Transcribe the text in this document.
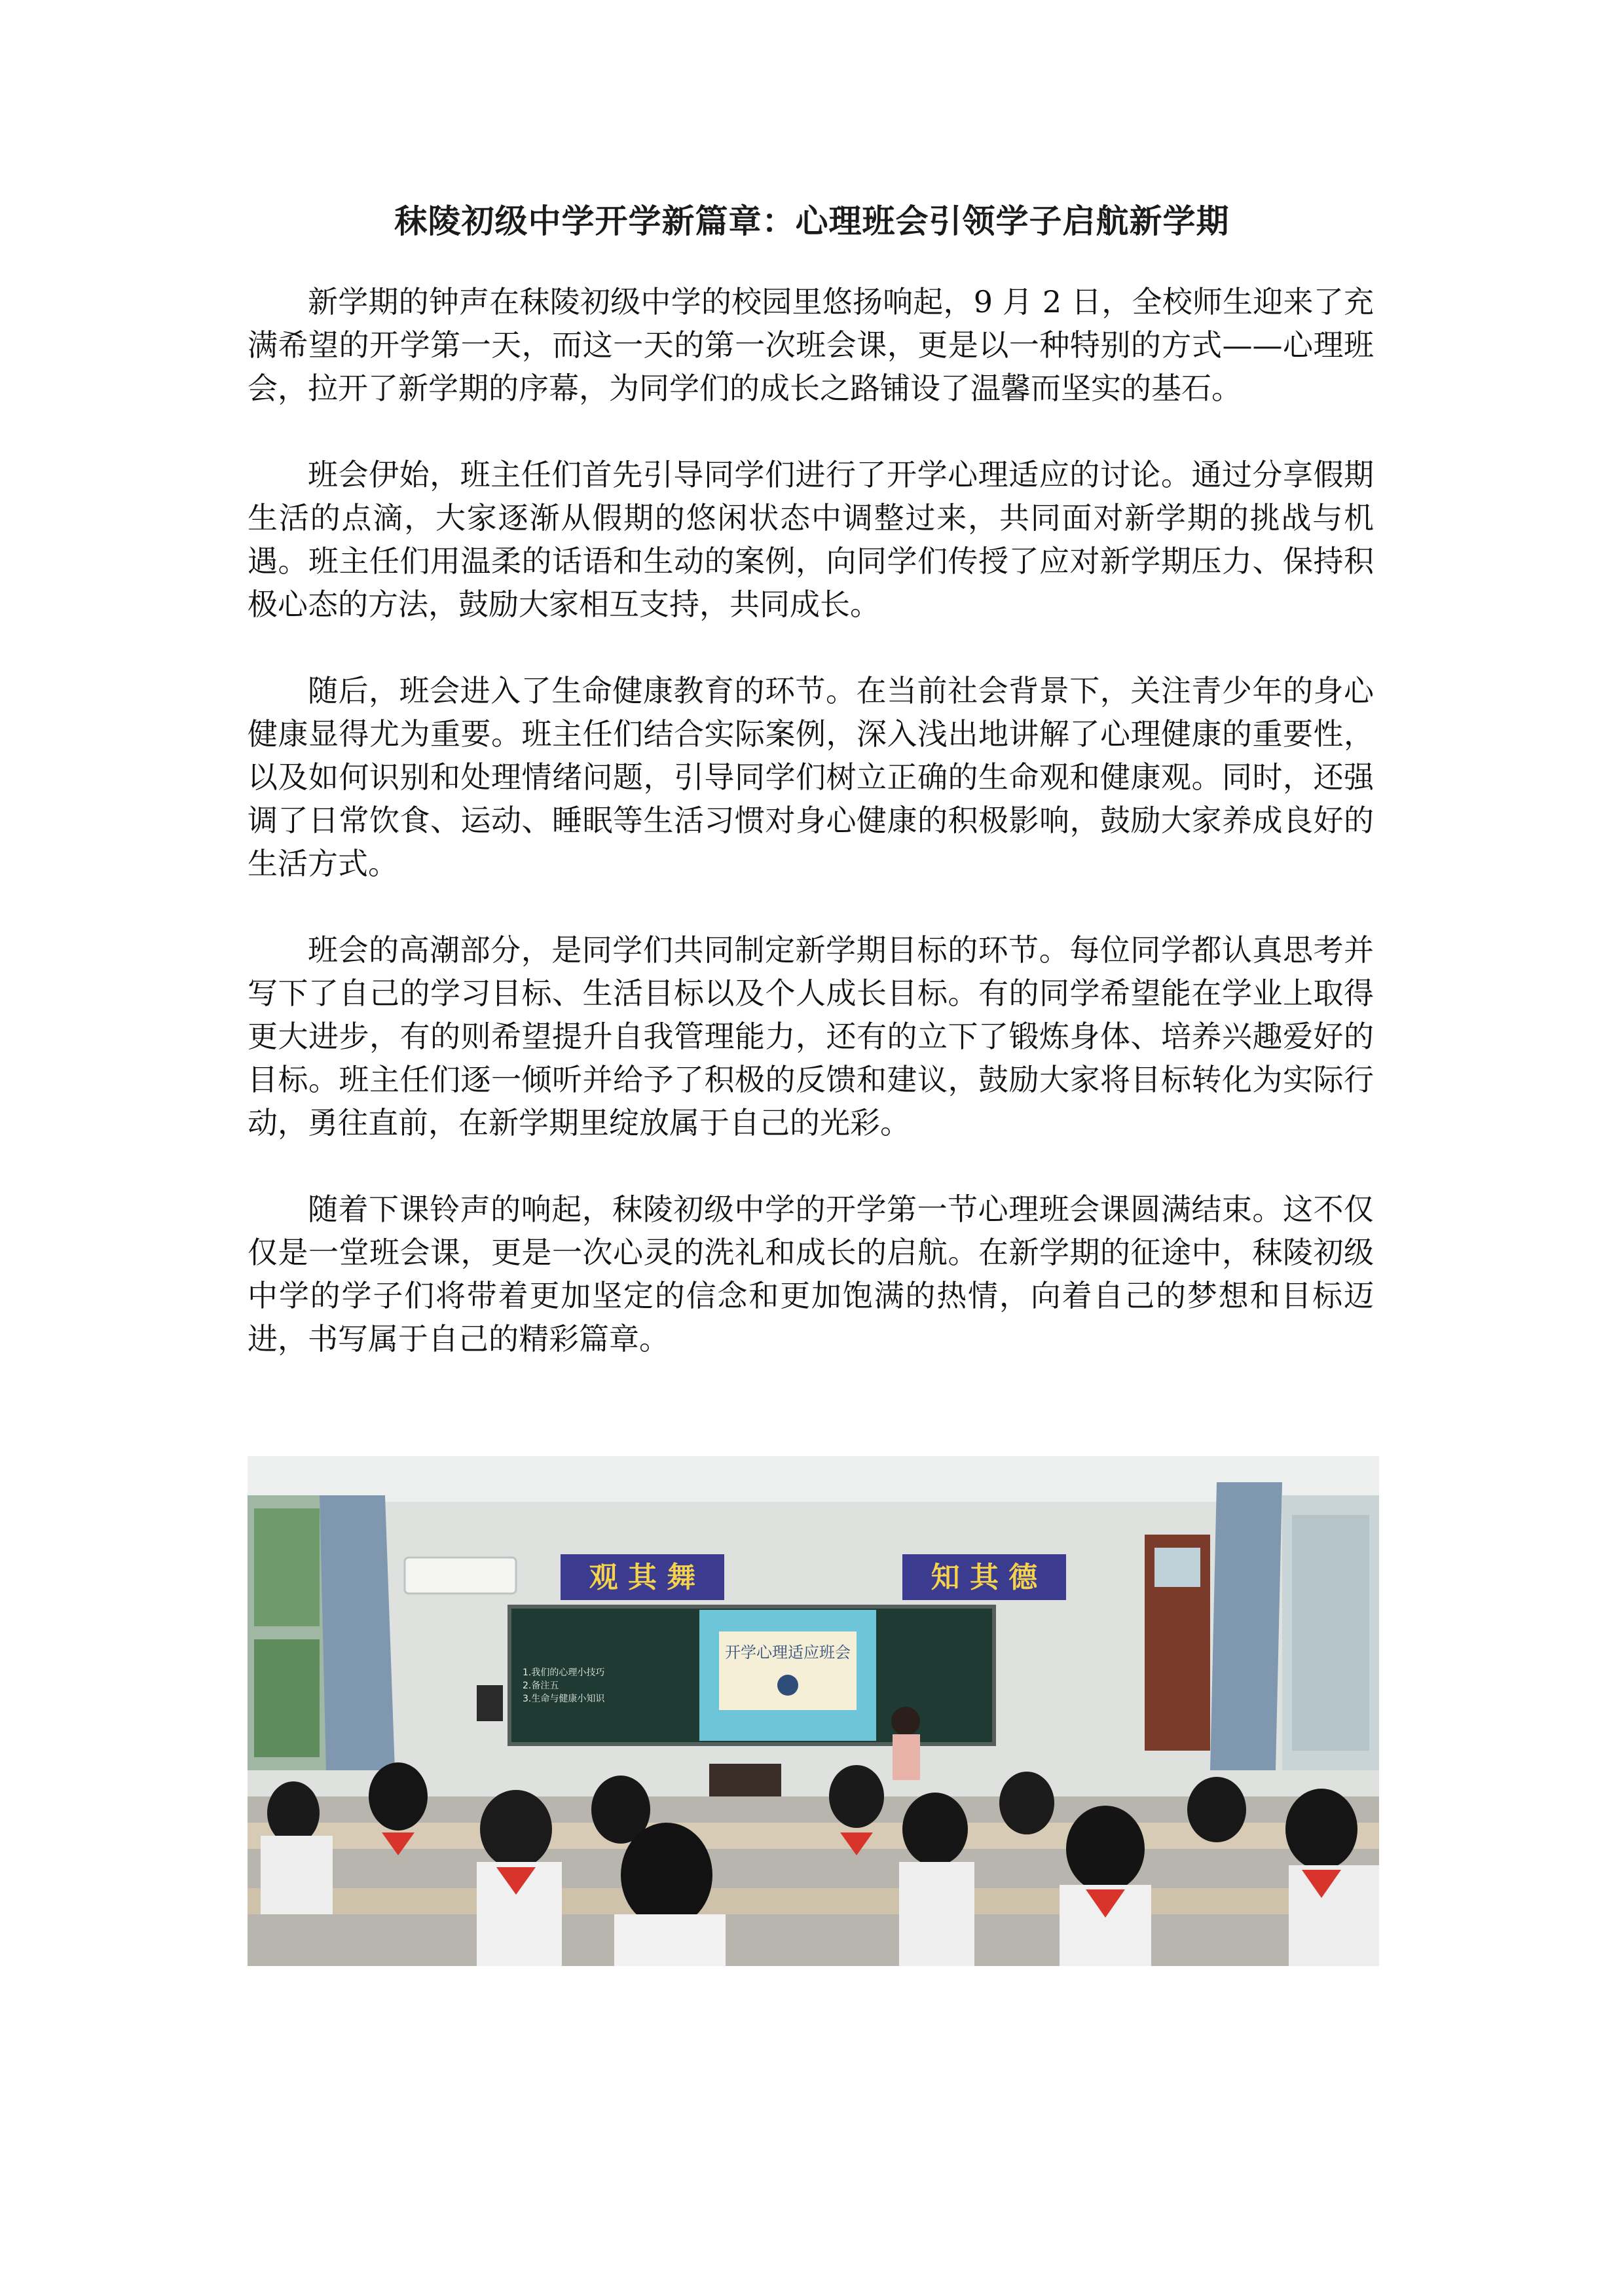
秣陵初级中学开学新篇章：心理班会引领学子启航新学期

新学期的钟声在秣陵初级中学的校园里悠扬响起，9 月 2 日，全校师生迎来了充满希望的开学第一天，而这一天的第一次班会课，更是以一种特别的方式——心理班会，拉开了新学期的序幕，为同学们的成长之路铺设了温馨而坚实的基石。

班会伊始，班主任们首先引导同学们进行了开学心理适应的讨论。通过分享假期生活的点滴，大家逐渐从假期的悠闲状态中调整过来，共同面对新学期的挑战与机遇。班主任们用温柔的话语和生动的案例，向同学们传授了应对新学期压力、保持积极心态的方法，鼓励大家相互支持，共同成长。

随后，班会进入了生命健康教育的环节。在当前社会背景下，关注青少年的身心健康显得尤为重要。班主任们结合实际案例，深入浅出地讲解了心理健康的重要性，以及如何识别和处理情绪问题，引导同学们树立正确的生命观和健康观。同时，还强调了日常饮食、运动、睡眠等生活习惯对身心健康的积极影响，鼓励大家养成良好的生活方式。

班会的高潮部分，是同学们共同制定新学期目标的环节。每位同学都认真思考并写下了自己的学习目标、生活目标以及个人成长目标。有的同学希望能在学业上取得更大进步，有的则希望提升自我管理能力，还有的立下了锻炼身体、培养兴趣爱好的目标。班主任们逐一倾听并给予了积极的反馈和建议，鼓励大家将目标转化为实际行动，勇往直前，在新学期里绽放属于自己的光彩。

随着下课铃声的响起，秣陵初级中学的开学第一节心理班会课圆满结束。这不仅仅是一堂班会课，更是一次心灵的洗礼和成长的启航。在新学期的征途中，秣陵初级中学的学子们将带着更加坚定的信念和更加饱满的热情，向着自己的梦想和目标迈进，书写属于自己的精彩篇章。

观 其 舞	知 其 德
1.我们的心理小技巧
2.备注五
3.生命与健康小知识
开学心理适应班会
